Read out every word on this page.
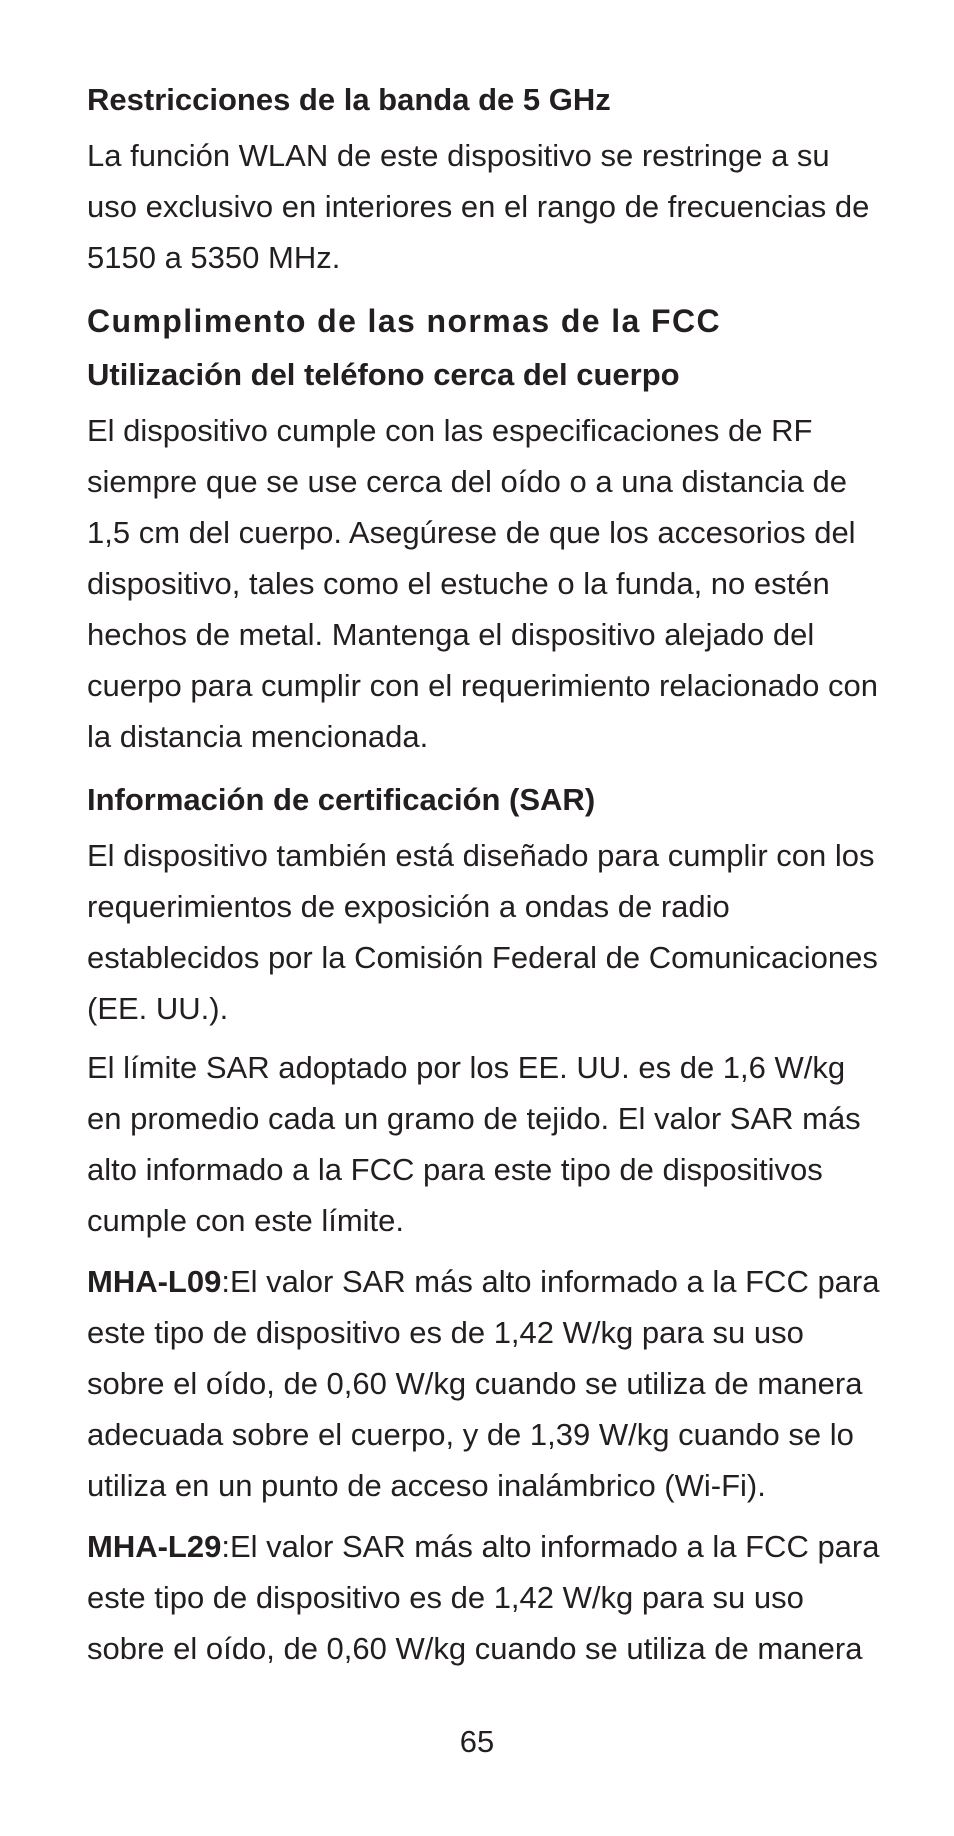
Restricciones de la banda de 5 GHz

La función WLAN de este dispositivo se restringe a su uso exclusivo en interiores en el rango de frecuencias de 5150 a 5350 MHz.

Cumplimento de las normas de la FCC
Utilización del teléfono cerca del cuerpo

El dispositivo cumple con las especificaciones de RF siempre que se use cerca del oído o a una distancia de 1,5 cm del cuerpo. Asegúrese de que los accesorios del dispositivo, tales como el estuche o la funda, no estén hechos de metal. Mantenga el dispositivo alejado del cuerpo para cumplir con el requerimiento relacionado con la distancia mencionada.

Información de certificación (SAR)

El dispositivo también está diseñado para cumplir con los requerimientos de exposición a ondas de radio establecidos por la Comisión Federal de Comunicaciones (EE. UU.).

El límite SAR adoptado por los EE. UU. es de 1,6 W/kg en promedio cada un gramo de tejido. El valor SAR más alto informado a la FCC para este tipo de dispositivos cumple con este límite.

MHA-L09:El valor SAR más alto informado a la FCC para este tipo de dispositivo es de 1,42 W/kg para su uso sobre el oído, de 0,60 W/kg cuando se utiliza de manera adecuada sobre el cuerpo, y de 1,39 W/kg cuando se lo utiliza en un punto de acceso inalámbrico (Wi-Fi).

MHA-L29:El valor SAR más alto informado a la FCC para este tipo de dispositivo es de 1,42 W/kg para su uso sobre el oído, de 0,60 W/kg cuando se utiliza de manera

65
